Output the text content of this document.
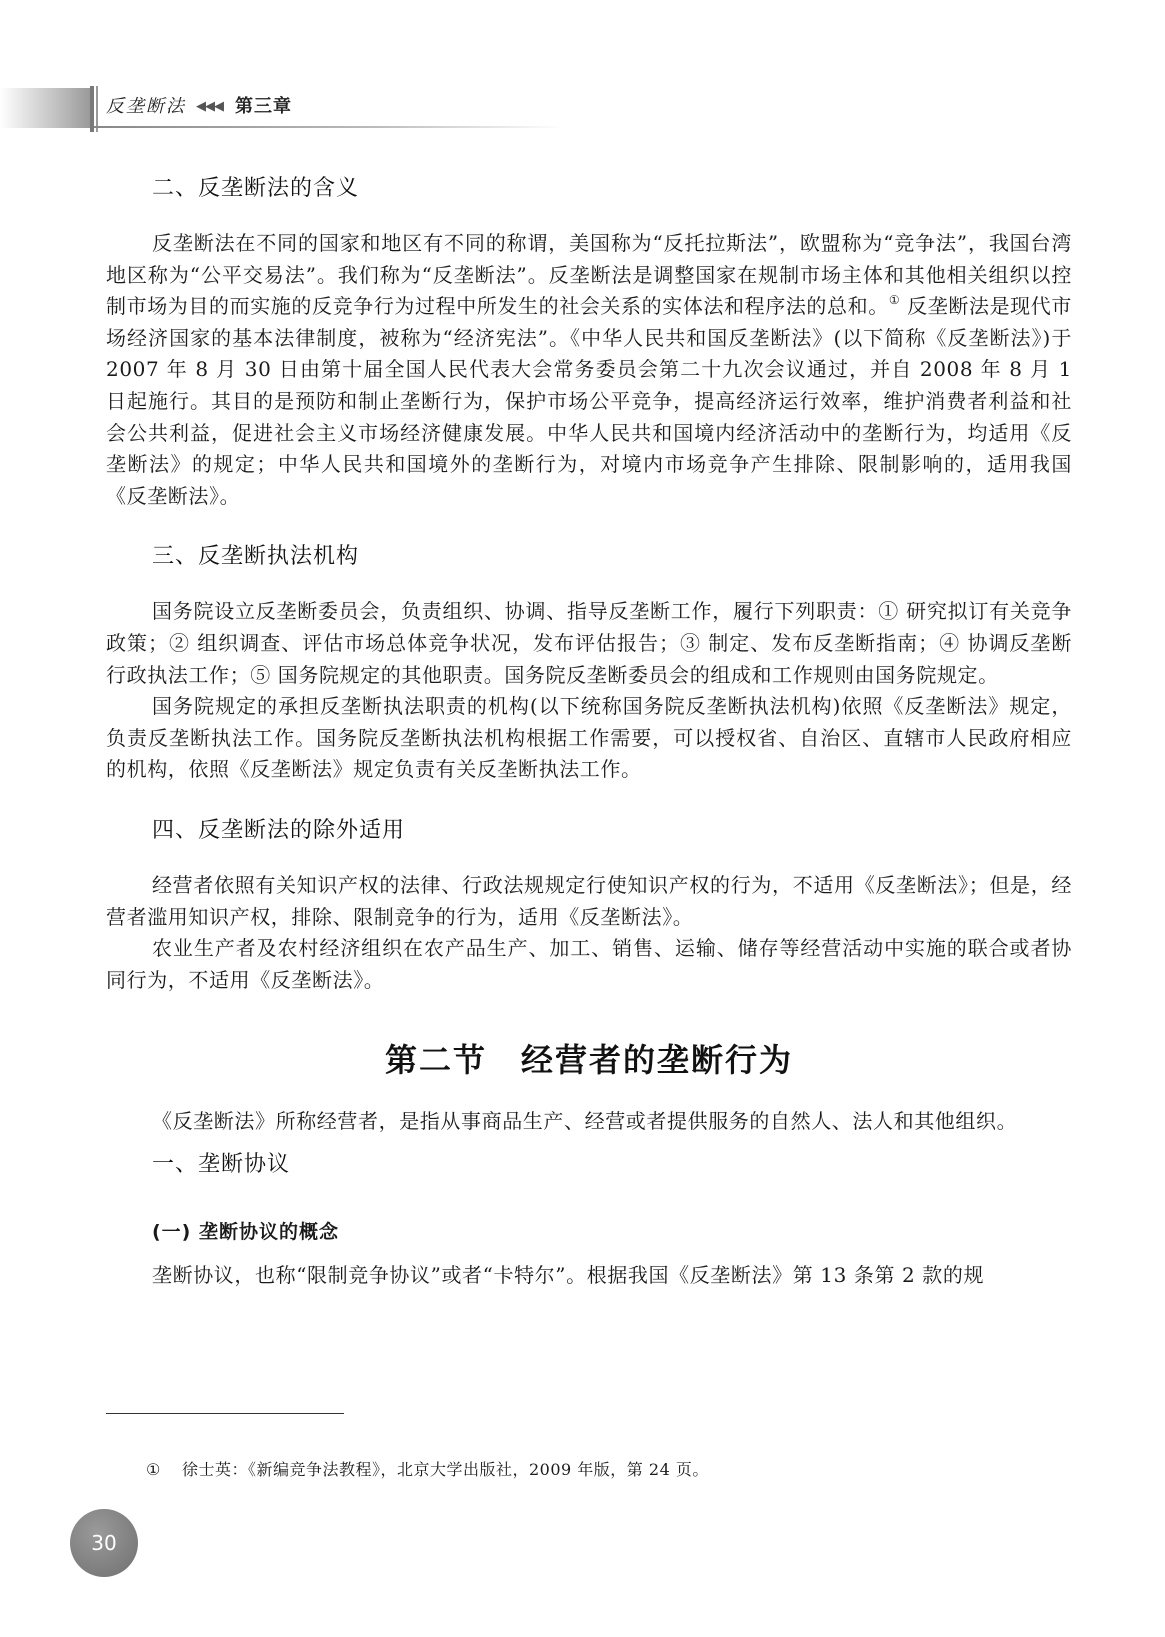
反垄断法 ◀◀◀ 第三章
二、反垄断法的含义

反垄断法在不同的国家和地区有不同的称谓，美国称为“反托拉斯法”，欧盟称为“竞争法”，我国台湾地区称为“公平交易法”。我们称为“反垄断法”。反垄断法是调整国家在规制市场主体和其他相关组织以控制市场为目的而实施的反竞争行为过程中所发生的社会关系的实体法和程序法的总和。① 反垄断法是现代市场经济国家的基本法律制度，被称为“经济宪法”。《中华人民共和国反垄断法》(以下简称《反垄断法》)于 2007 年 8 月 30 日由第十届全国人民代表大会常务委员会第二十九次会议通过，并自 2008 年 8 月 1 日起施行。其目的是预防和制止垄断行为，保护市场公平竞争，提高经济运行效率，维护消费者利益和社会公共利益，促进社会主义市场经济健康发展。中华人民共和国境内经济活动中的垄断行为，均适用《反垄断法》的规定；中华人民共和国境外的垄断行为，对境内市场竞争产生排除、限制影响的，适用我国《反垄断法》。

三、反垄断执法机构

国务院设立反垄断委员会，负责组织、协调、指导反垄断工作，履行下列职责：① 研究拟订有关竞争政策；② 组织调查、评估市场总体竞争状况，发布评估报告；③ 制定、发布反垄断指南；④ 协调反垄断行政执法工作；⑤ 国务院规定的其他职责。国务院反垄断委员会的组成和工作规则由国务院规定。

国务院规定的承担反垄断执法职责的机构(以下统称国务院反垄断执法机构)依照《反垄断法》规定，负责反垄断执法工作。国务院反垄断执法机构根据工作需要，可以授权省、自治区、直辖市人民政府相应的机构，依照《反垄断法》规定负责有关反垄断执法工作。

四、反垄断法的除外适用

经营者依照有关知识产权的法律、行政法规规定行使知识产权的行为，不适用《反垄断法》；但是，经营者滥用知识产权，排除、限制竞争的行为，适用《反垄断法》。

农业生产者及农村经济组织在农产品生产、加工、销售、运输、储存等经营活动中实施的联合或者协同行为，不适用《反垄断法》。

第二节 经营者的垄断行为

《反垄断法》所称经营者，是指从事商品生产、经营或者提供服务的自然人、法人和其他组织。

一、垄断协议
(一) 垄断协议的概念

垄断协议，也称“限制竞争协议”或者“卡特尔”。根据我国《反垄断法》第 13 条第 2 款的规

① 徐士英：《新编竞争法教程》，北京大学出版社，2009 年版，第 24 页。
30
